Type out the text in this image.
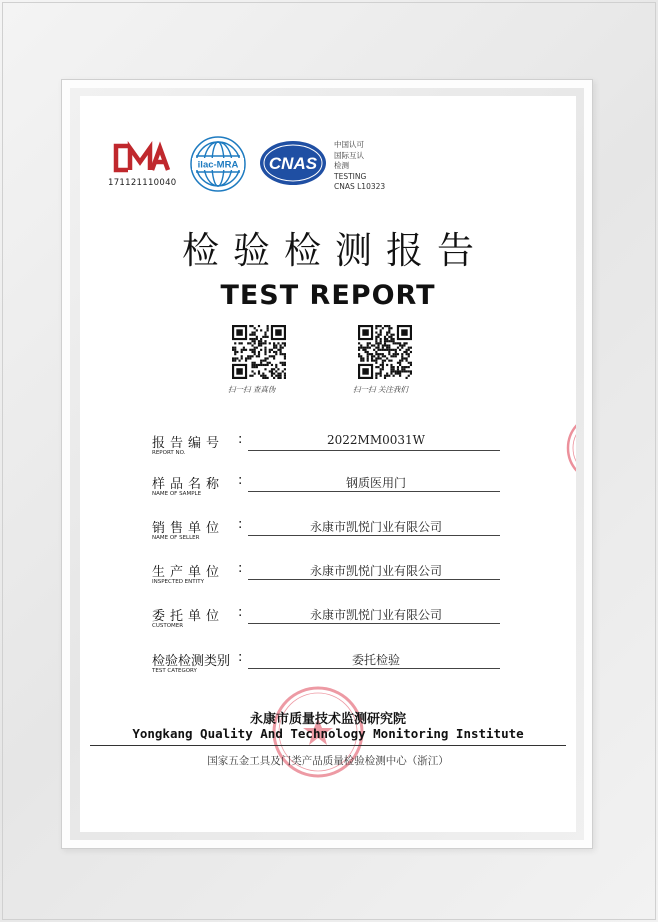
171121110040
ilac-MRA CNAS
中国认可
国际互认
检测
TESTING
CNAS L10323
检验检测报告
TEST REPORT
扫一扫 查真伪	扫一扫 关注我们
报告编号
REPORT NO.
:	2022MM0031W
样品名称
NAME OF SAMPLE
:	钢质医用门
销售单位
NAME OF SELLER
:	永康市凯悦门业有限公司
生产单位
INSPECTED ENTITY
:	永康市凯悦门业有限公司
委托单位
CUSTOMER
:	永康市凯悦门业有限公司
检验检测类别
TEST CATEGORY
:	委托检验
永康市质量技术监测研究院
Yongkang Quality And Technology Monitoring Institute
国家五金工具及门类产品质量检验检测中心（浙江）
